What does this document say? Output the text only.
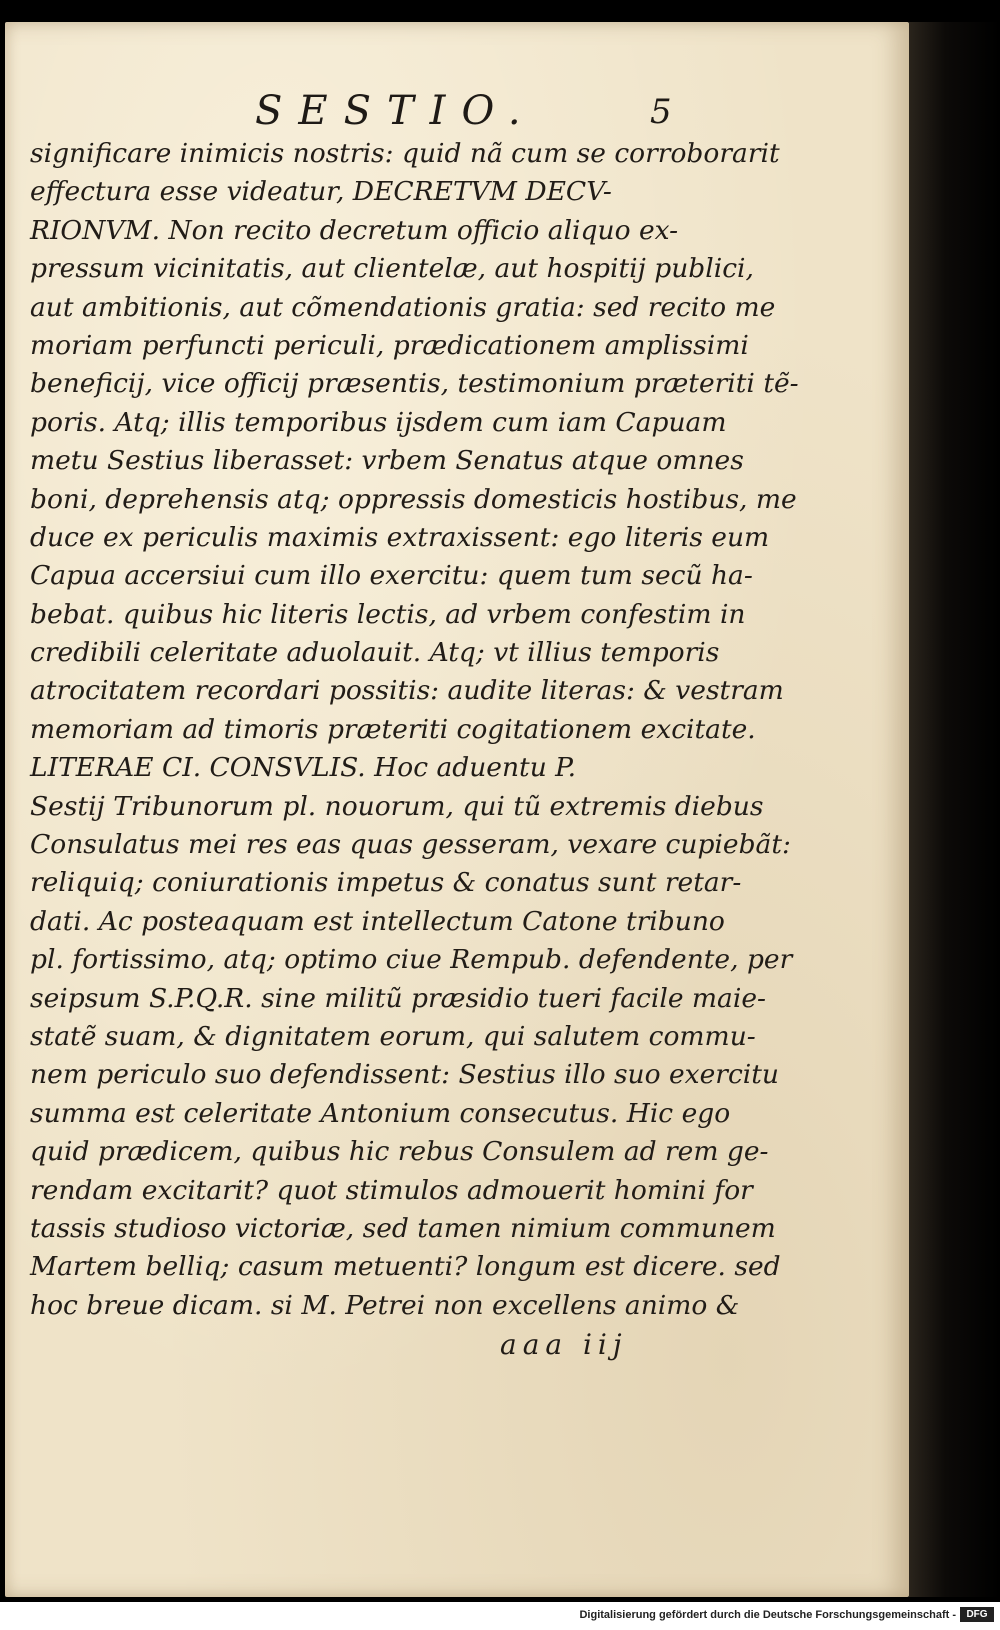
SESTIO.	5
significare inimicis nostris: quid nã cum se corroborarit
effectura esse videatur, DECRETVM DECV-
RIONVM. Non recito decretum officio aliquo ex-
pressum vicinitatis, aut clientelæ, aut hospitij publici,
aut ambitionis, aut cõmendationis gratia: sed recito me
moriam perfuncti periculi, prædicationem amplissimi
beneficij, vice officij præsentis, testimonium præteriti tẽ-
poris. Atq; illis temporibus ijsdem cum iam Capuam
metu Sestius liberasset: vrbem Senatus atque omnes
boni, deprehensis atq; oppressis domesticis hostibus, me
duce ex periculis maximis extraxissent: ego literis eum
Capua accersiui cum illo exercitu: quem tum secũ ha-
bebat. quibus hic literis lectis, ad vrbem confestim in
credibili celeritate aduolauit. Atq; vt illius temporis
atrocitatem recordari possitis: audite literas: & vestram
memoriam ad timoris præteriti cogitationem excitate.
LITERAE CI. CONSVLIS. Hoc aduentu P.
Sestij Tribunorum pl. nouorum, qui tũ extremis diebus
Consulatus mei res eas quas gesseram, vexare cupiebãt:
reliquiq; coniurationis impetus & conatus sunt retar-
dati. Ac posteaquam est intellectum Catone tribuno
pl. fortissimo, atq; optimo ciue Rempub. defendente, per
seipsum S.P.Q.R. sine militũ præsidio tueri facile maie-
statẽ suam, & dignitatem eorum, qui salutem commu-
nem periculo suo defendissent: Sestius illo suo exercitu
summa est celeritate Antonium consecutus. Hic ego
quid prædicem, quibus hic rebus Consulem ad rem ge-
rendam excitarit? quot stimulos admouerit homini for
tassis studioso victoriæ, sed tamen nimium communem
Martem belliq; casum metuenti? longum est dicere. sed
hoc breue dicam. si M. Petrei non excellens animo &
aaa iij
Digitalisierung gefördert durch die Deutsche Forschungsgemeinschaft -	DFG
